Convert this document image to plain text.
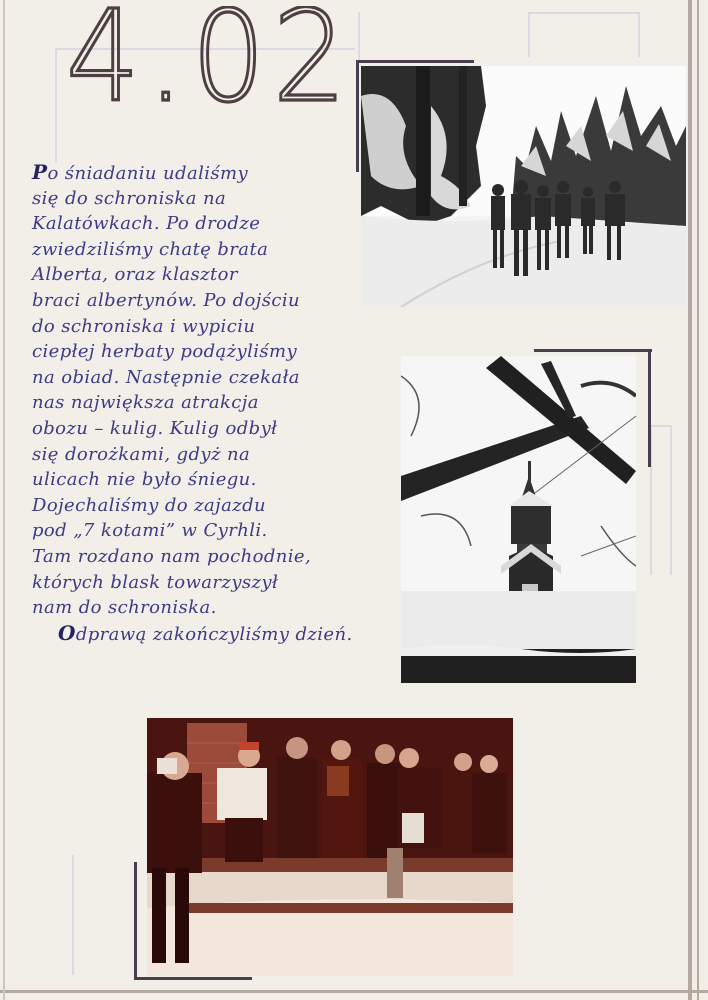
4.02
Po śniadaniu udaliśmy
się do schroniska na
Kalatówkach. Po drodze
zwiedziliśmy chatę brata
Alberta, oraz klasztor
braci albertynów. Po dojściu
do schroniska i wypiciu
ciepłej herbaty podążyliśmy
na obiad. Następnie czekała
nas największa atrakcja
obozu – kulig. Kulig odbył
się dorożkami, gdyż na
ulicach nie było śniegu.
Dojechaliśmy do zajazdu
pod „7 kotami” w Cyrhli.
Tam rozdano nam pochodnie,
których blask towarzyszył
nam do schroniska.
Odprawą zakończyliśmy dzień.
